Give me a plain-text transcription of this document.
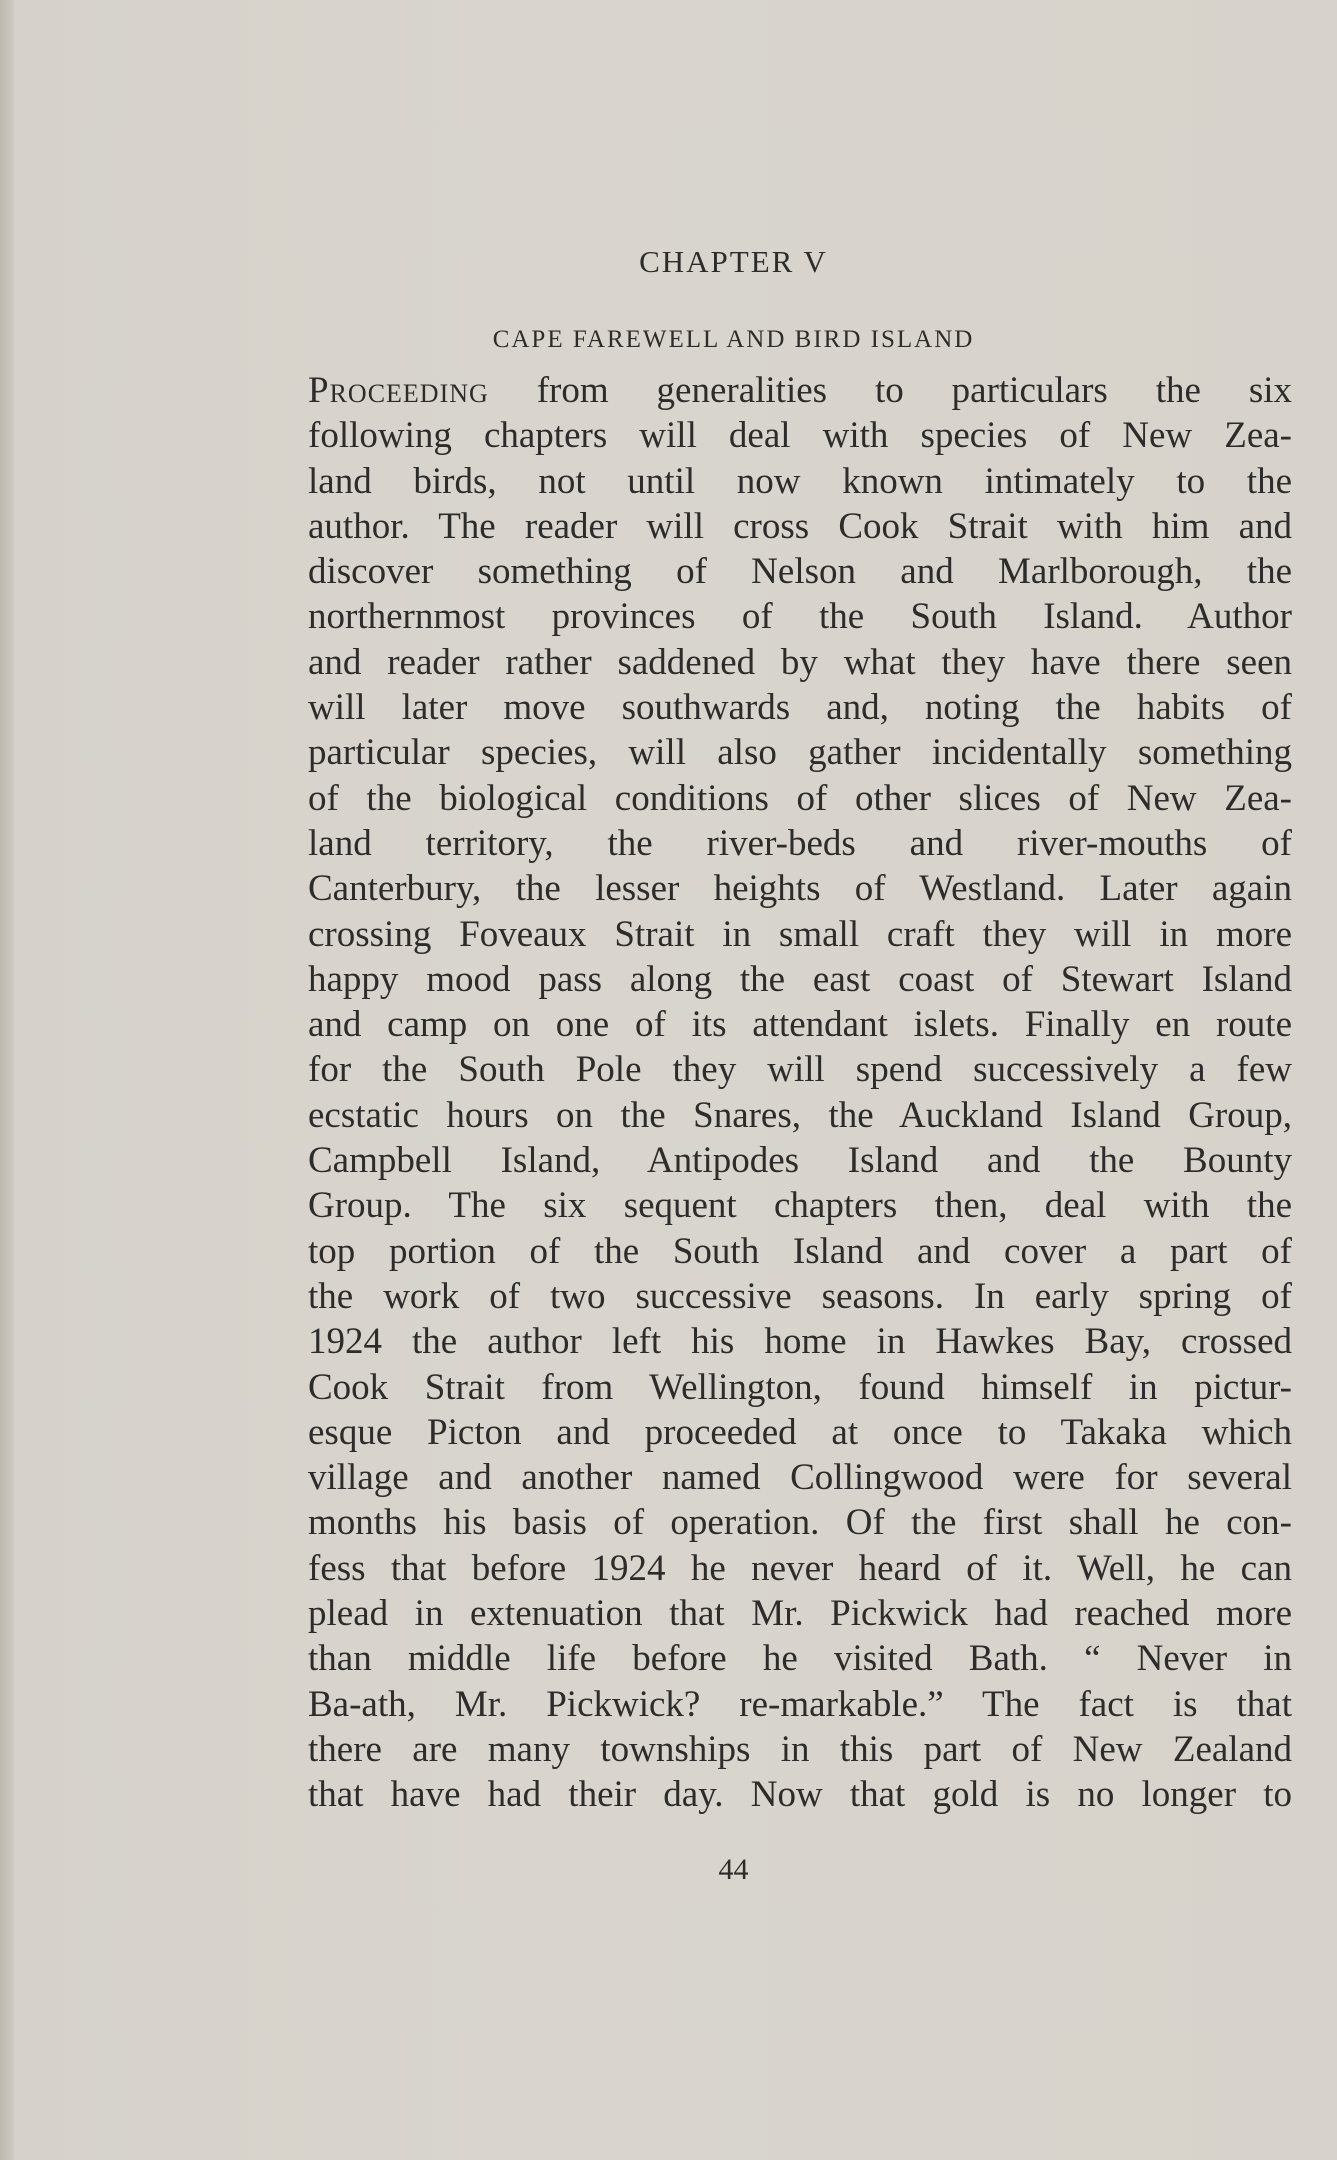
CHAPTER V
CAPE FAREWELL AND BIRD ISLAND
Proceeding from generalities to particulars the six
following chapters will deal with species of New Zea-
land birds, not until now known intimately to the
author. The reader will cross Cook Strait with him and
discover something of Nelson and Marlborough, the
northernmost provinces of the South Island. Author
and reader rather saddened by what they have there seen
will later move southwards and, noting the habits of
particular species, will also gather incidentally something
of the biological conditions of other slices of New Zea-
land territory, the river-beds and river-mouths of
Canterbury, the lesser heights of Westland. Later again
crossing Foveaux Strait in small craft they will in more
happy mood pass along the east coast of Stewart Island
and camp on one of its attendant islets. Finally en route
for the South Pole they will spend successively a few
ecstatic hours on the Snares, the Auckland Island Group,
Campbell Island, Antipodes Island and the Bounty
Group. The six sequent chapters then, deal with the
top portion of the South Island and cover a part of
the work of two successive seasons. In early spring of
1924 the author left his home in Hawkes Bay, crossed
Cook Strait from Wellington, found himself in pictur-
esque Picton and proceeded at once to Takaka which
village and another named Collingwood were for several
months his basis of operation. Of the first shall he con-
fess that before 1924 he never heard of it. Well, he can
plead in extenuation that Mr. Pickwick had reached more
than middle life before he visited Bath. “ Never in
Ba-ath, Mr. Pickwick? re-markable.” The fact is that
there are many townships in this part of New Zealand
that have had their day. Now that gold is no longer to
44
